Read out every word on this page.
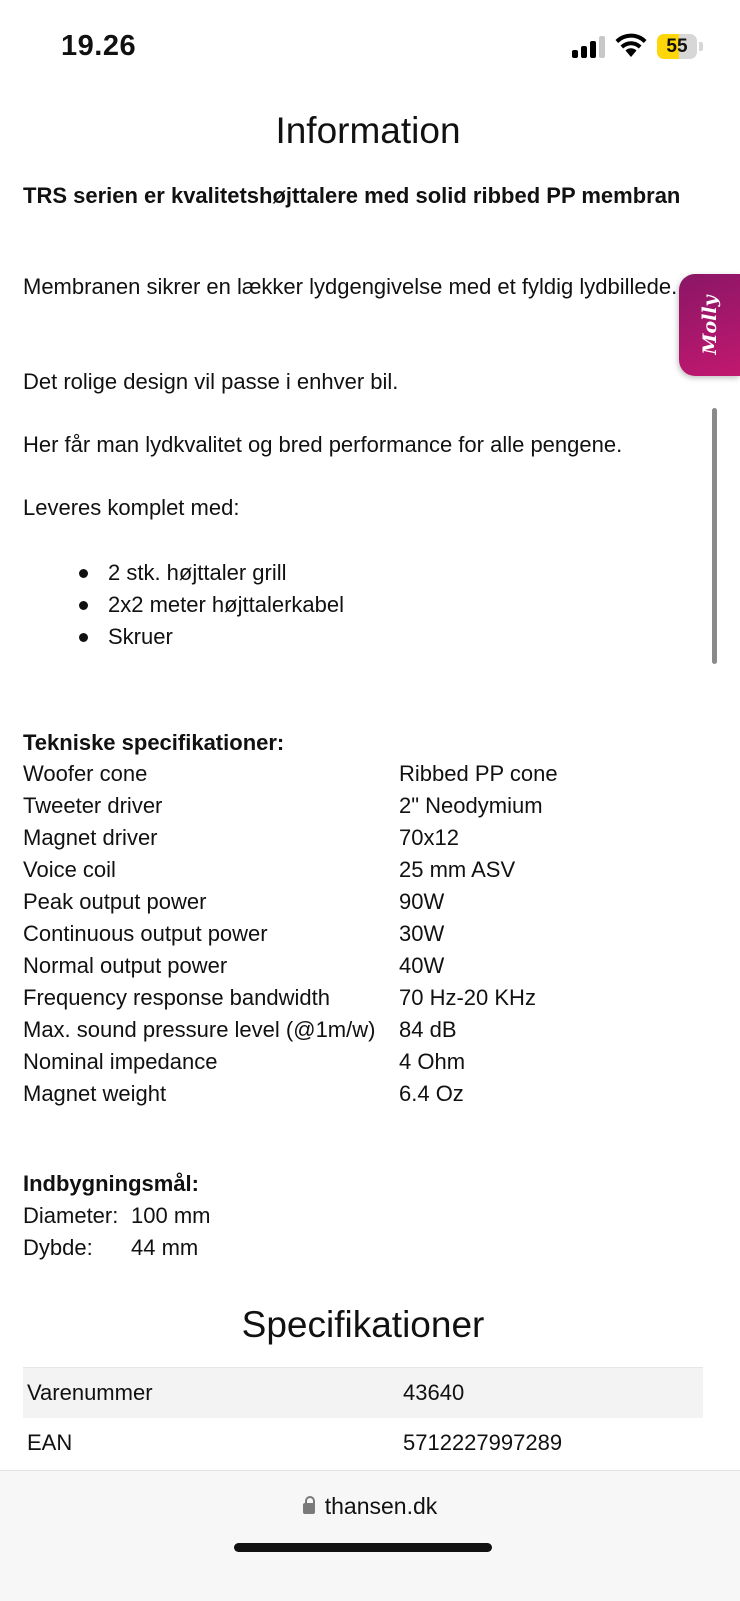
19.26	55
Information
TRS serien er kvalitetshøjttalere med solid ribbed PP membran
Membranen sikrer en lækker lydgengivelse med et fyldig lydbillede.
Det rolige design vil passe i enhver bil.
Her får man lydkvalitet og bred performance for alle pengene.
Leveres komplet med:
2 stk. højttaler grill
2x2 meter højttalerkabel
Skruer
Tekniske specifikationer:
Woofer cone	Ribbed PP cone
Tweeter driver	2" Neodymium
Magnet driver	70x12
Voice coil	25 mm ASV
Peak output power	90W
Continuous output power	30W
Normal output power	40W
Frequency response bandwidth	70 Hz-20 KHz
Max. sound pressure level (@1m/w) 84 dB
Nominal impedance	4 Ohm
Magnet weight	6.4 Oz
Indbygningsmål:
Diameter: 100 mm
Dybde: 44 mm
Specifikationer
Varenummer	43640
EAN	5712227997289
Molly
thansen.dk
